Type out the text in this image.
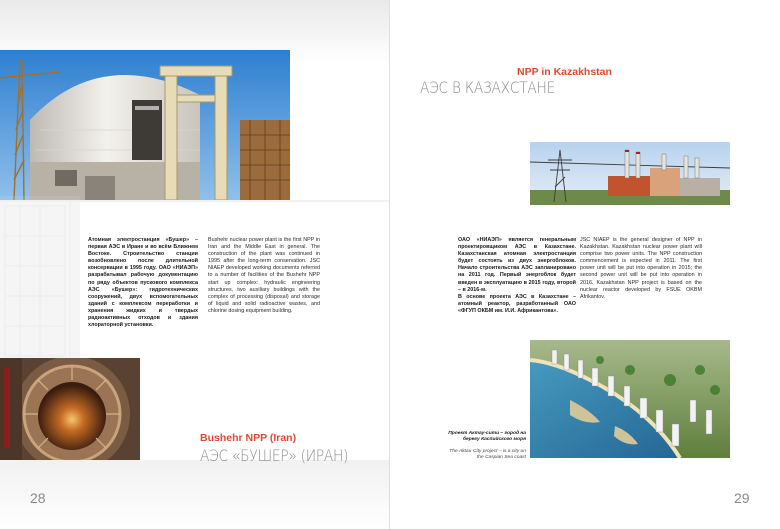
Атомная электростанция «Бушер» – первая АЭС в Иране и во всём Ближнем Востоке. Строительство станции возобновлено после длительной консервации в 1995 году. ОАО «НИАЭП» разрабатывал рабочую документацию по ряду объектов пускового комплекса АЭС «Бушер»: гидротехнических сооружений, двух вспомогательных зданий с комплексом переработки и хранения жидких и твердых радиоактивных отходов и здания хлораторной установки.

Bushehr nuclear power plant is the first NPP in Iran and the Middle East in general. The construction of the plant was continued in 1995 after the long-term conservation. JSC NIAEP developed working documents referred to a number of facilities of the Bushehr NPP start up complex: hydraulic engineering structures, two auxiliary buildings with the complex of processing (disposal) and storage of liquid and solid radioactive wastes, and chlorine dosing equipment building.

Bushehr NPP (Iran)

АЭС «БУШЕР» (ИРАН)

28

NPP in Kazakhstan

АЭС В КАЗАХСТАНЕ

ОАО «НИАЭП» является генеральным проектировщиком АЭС в Казахстане. Казахстанская атомная электростанция будет состоять из двух энергоблоков. Начало строительства АЭС запланировано на 2011 год. Первый энергоблок будет введен в эксплуатацию в 2015 году, второй – в 2016-м.
В основе проекта АЭС в Казахстане – атомный реактор, разработанный ОАО «ФГУП ОКБМ им. И.И. Африкантова».

JSC NIAEP is the general designer of NPP in Kazakhstan. Kazakhstan nuclear power plant will comprise two power units. The NPP construction commencement is expected in 2011. The first power unit will be put into operation in 2015; the second power unit will be put into operation in 2016. Kazakhstan NPP project is based on the nuclear reactor developed by FSUE OKBM Afrikantov.

Проект Актау-сити – город на берегу Каспийского моря

The Aktau-City project – is a city on the Caspian Sea coast

29
